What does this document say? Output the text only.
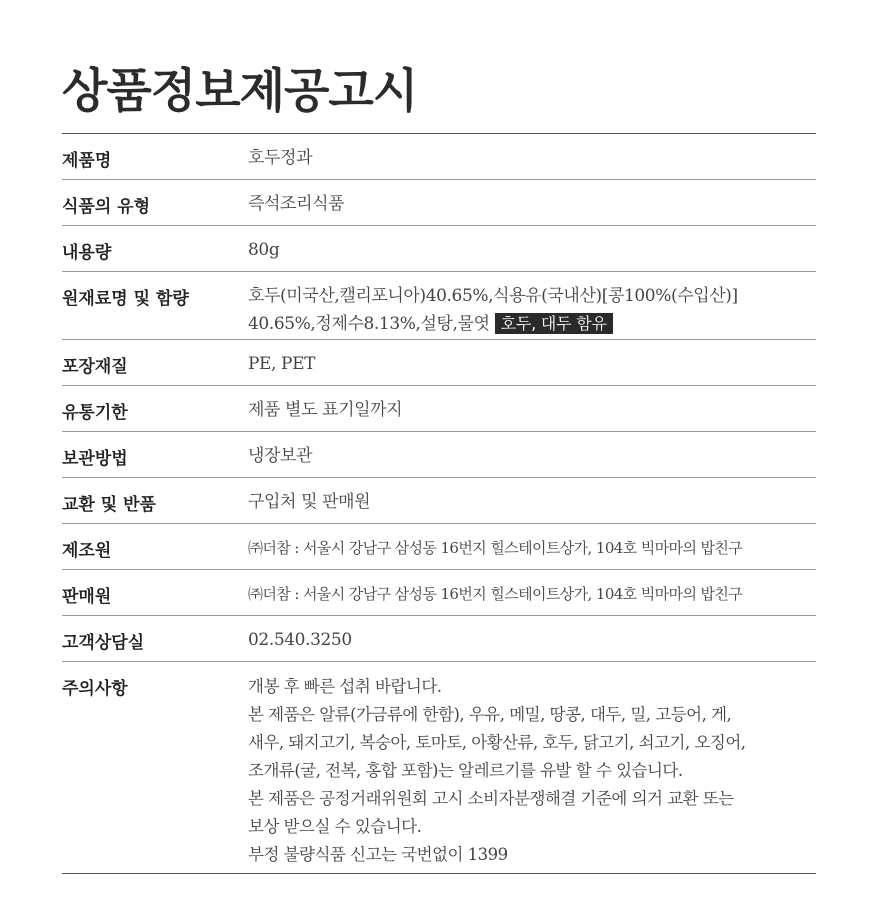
상품정보제공고시
제품명	호두정과
식품의 유형	즉석조리식품
내용량	80g
원재료명 및 함량	호두(미국산,캘리포니아)40.65%,식용유(국내산)[콩100%(수입산)]
40.65%,정제수8.13%,설탕,물엿 호두, 대두 함유
포장재질	PE, PET
유통기한	제품 별도 표기일까지
보관방법	냉장보관
교환 및 반품	구입처 및 판매원
제조원	㈜더참 : 서울시 강남구 삼성동 16번지 힐스테이트상가, 104호 빅마마의 밥친구
판매원	㈜더참 : 서울시 강남구 삼성동 16번지 힐스테이트상가, 104호 빅마마의 밥친구
고객상담실	02.540.3250
주의사항	개봉 후 빠른 섭취 바랍니다.
본 제품은 알류(가금류에 한함), 우유, 메밀, 땅콩, 대두, 밀, 고등어, 게,
새우, 돼지고기, 복숭아, 토마토, 아황산류, 호두, 닭고기, 쇠고기, 오징어,
조개류(굴, 전복, 홍합 포함)는 알레르기를 유발 할 수 있습니다.
본 제품은 공정거래위원회 고시 소비자분쟁해결 기준에 의거 교환 또는
보상 받으실 수 있습니다.
부정 불량식품 신고는 국번없이 1399
